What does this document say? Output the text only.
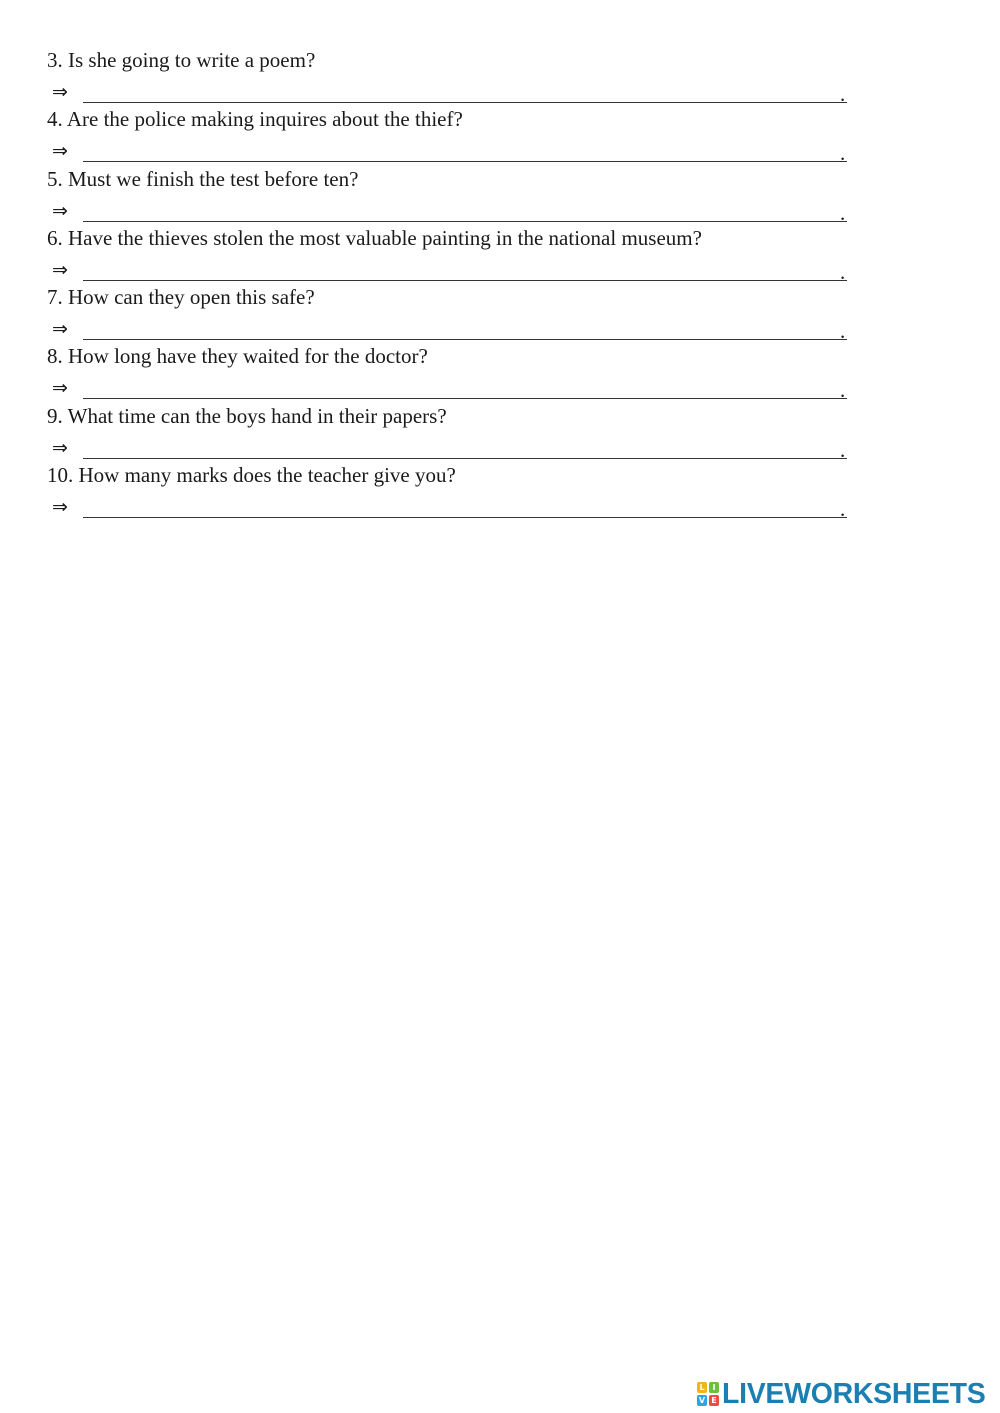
3. Is she going to write a poem?
⇒	.
4. Are the police making inquires about the thief?
⇒	.
5. Must we finish the test before ten?
⇒	.
6. Have the thieves stolen the most valuable painting in the national museum?
⇒	.
7. How can they open this safe?
⇒	.
8. How long have they waited for the doctor?
⇒	.
9. What time can the boys hand in their papers?
⇒	.
10. How many marks does the teacher give you?
⇒	.
L I
V E LIVEWORKSHEETS
